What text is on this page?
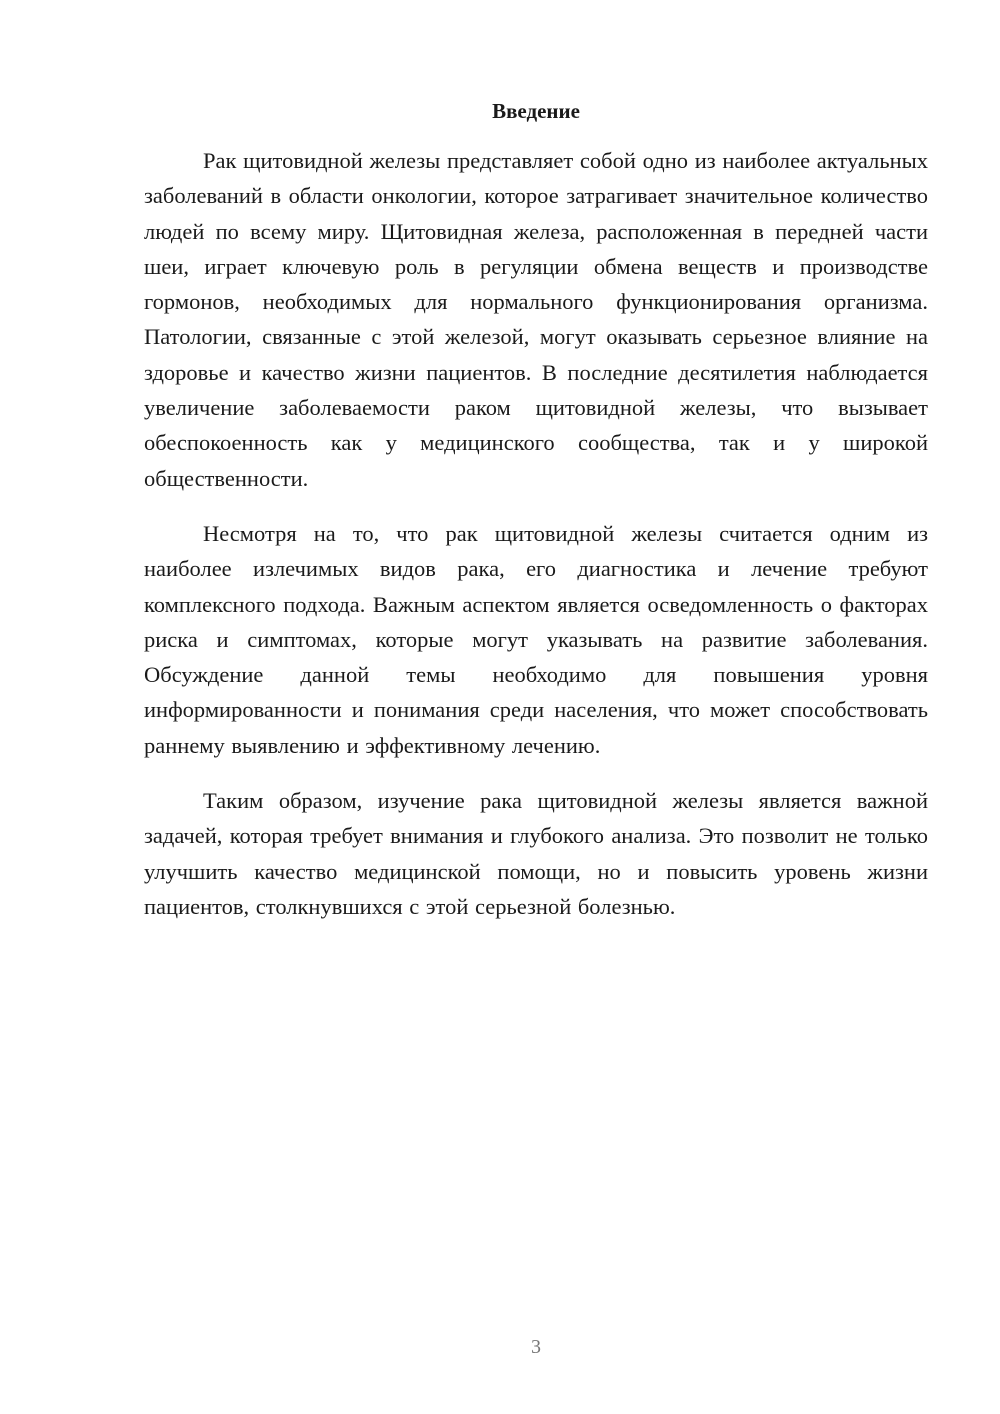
Введение

Рак щитовидной железы представляет собой одно из наиболее актуальных заболеваний в области онкологии, которое затрагивает значительное количество людей по всему миру. Щитовидная железа, расположенная в передней части шеи, играет ключевую роль в регуляции обмена веществ и производстве гормонов, необходимых для нормального функционирования организма. Патологии, связанные с этой железой, могут оказывать серьезное влияние на здоровье и качество жизни пациентов. В последние десятилетия наблюдается увеличение заболеваемости раком щитовидной железы, что вызывает обеспокоенность как у медицинского сообщества, так и у широкой общественности.

Несмотря на то, что рак щитовидной железы считается одним из наиболее излечимых видов рака, его диагностика и лечение требуют комплексного подхода. Важным аспектом является осведомленность о факторах риска и симптомах, которые могут указывать на развитие заболевания. Обсуждение данной темы необходимо для повышения уровня информированности и понимания среди населения, что может способствовать раннему выявлению и эффективному лечению.

Таким образом, изучение рака щитовидной железы является важной задачей, которая требует внимания и глубокого анализа. Это позволит не только улучшить качество медицинской помощи, но и повысить уровень жизни пациентов, столкнувшихся с этой серьезной болезнью.

3
